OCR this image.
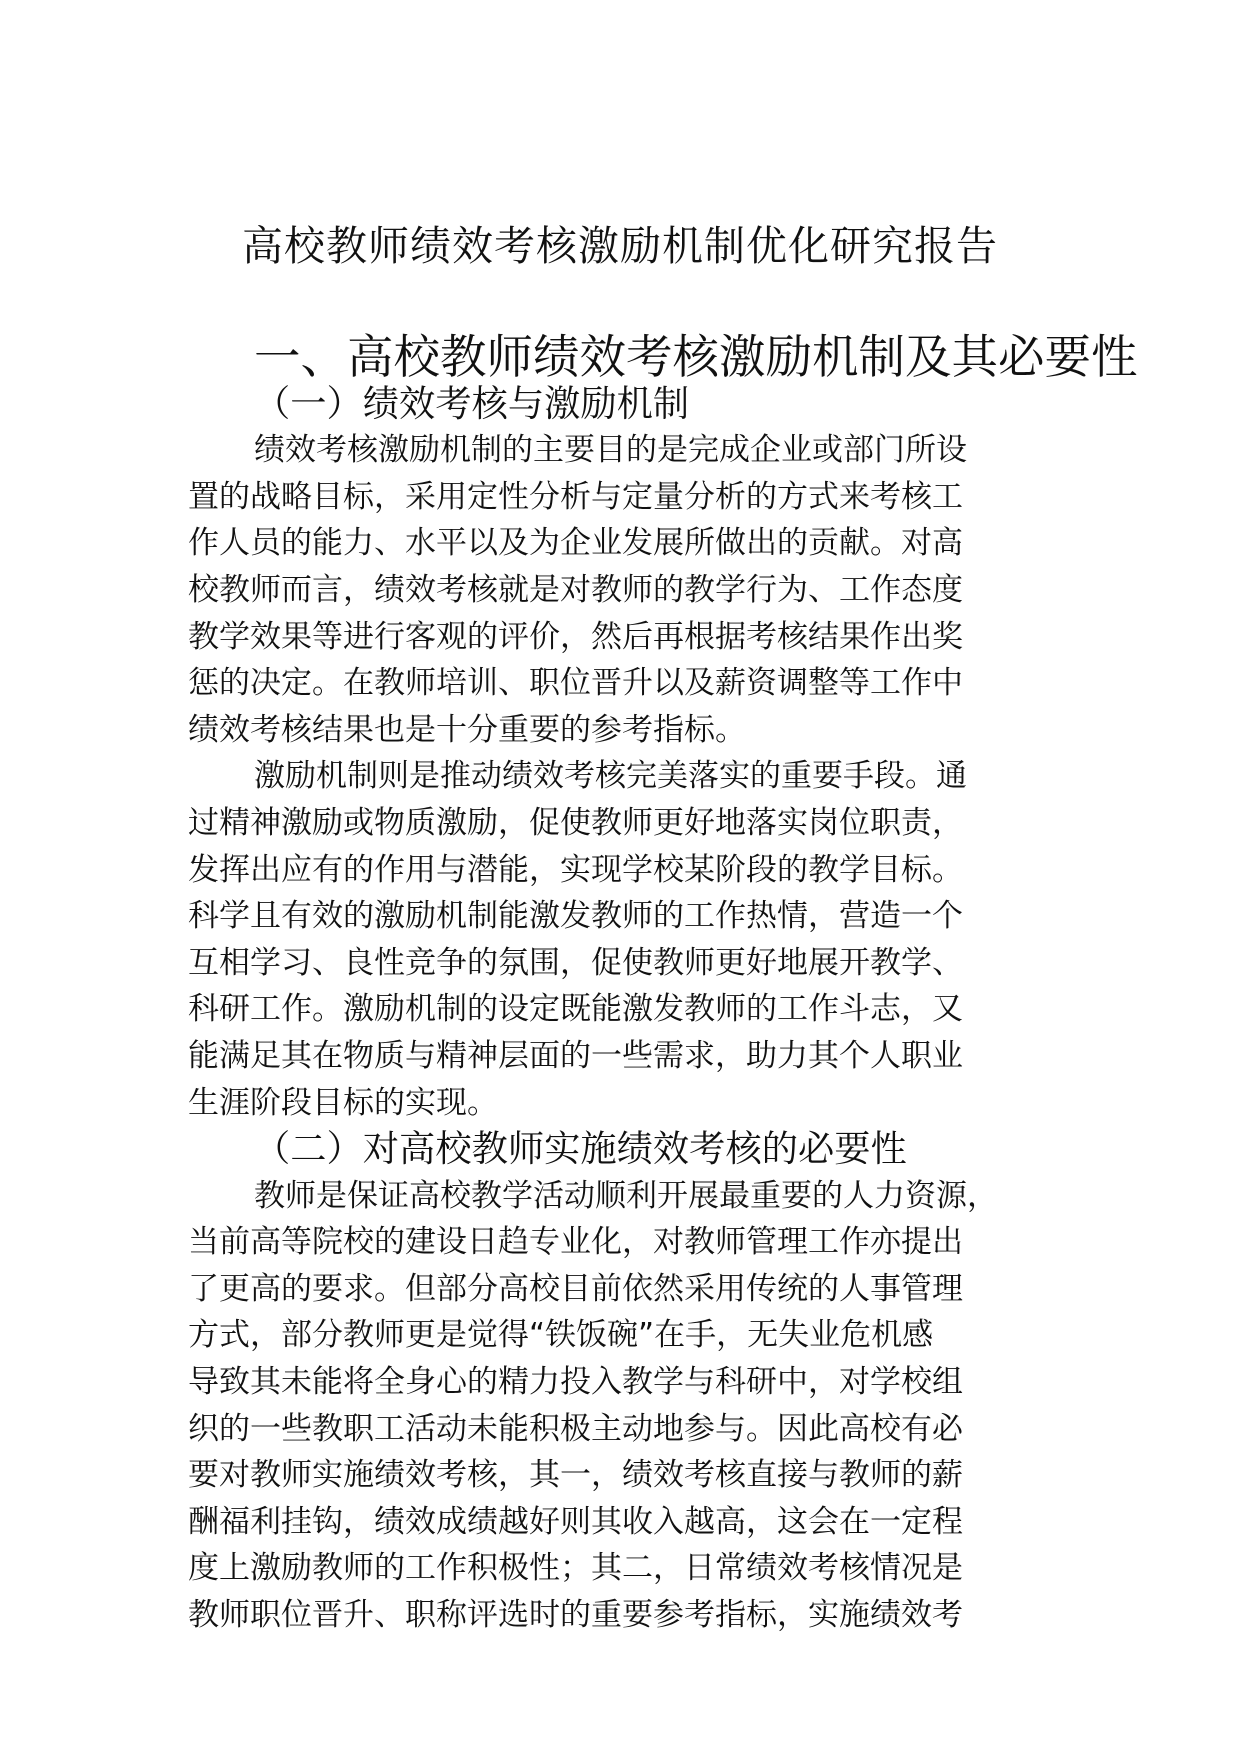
高校教师绩效考核激励机制优化研究报告
一、高校教师绩效考核激励机制及其必要性
（一）绩效考核与激励机制

绩效考核激励机制的主要目的是完成企业或部门所设
置的战略目标，采用定性分析与定量分析的方式来考核工
作人员的能力、水平以及为企业发展所做出的贡献。对高
校教师而言，绩效考核就是对教师的教学行为、工作态度
教学效果等进行客观的评价，然后再根据考核结果作出奖
惩的决定。在教师培训、职位晋升以及薪资调整等工作中
绩效考核结果也是十分重要的参考指标。

激励机制则是推动绩效考核完美落实的重要手段。通
过精神激励或物质激励，促使教师更好地落实岗位职责，
发挥出应有的作用与潜能，实现学校某阶段的教学目标。
科学且有效的激励机制能激发教师的工作热情，营造一个
互相学习、良性竞争的氛围，促使教师更好地展开教学、
科研工作。激励机制的设定既能激发教师的工作斗志，又
能满足其在物质与精神层面的一些需求，助力其个人职业
生涯阶段目标的实现。

（二）对高校教师实施绩效考核的必要性

教师是保证高校教学活动顺利开展最重要的人力资源，
当前高等院校的建设日趋专业化，对教师管理工作亦提出
了更高的要求。但部分高校目前依然采用传统的人事管理
方式，部分教师更是觉得“铁饭碗”在手，无失业危机感
导致其未能将全身心的精力投入教学与科研中，对学校组
织的一些教职工活动未能积极主动地参与。因此高校有必
要对教师实施绩效考核，其一，绩效考核直接与教师的薪
酬福利挂钩，绩效成绩越好则其收入越高，这会在一定程
度上激励教师的工作积极性；其二，日常绩效考核情况是
教师职位晋升、职称评选时的重要参考指标，实施绩效考
